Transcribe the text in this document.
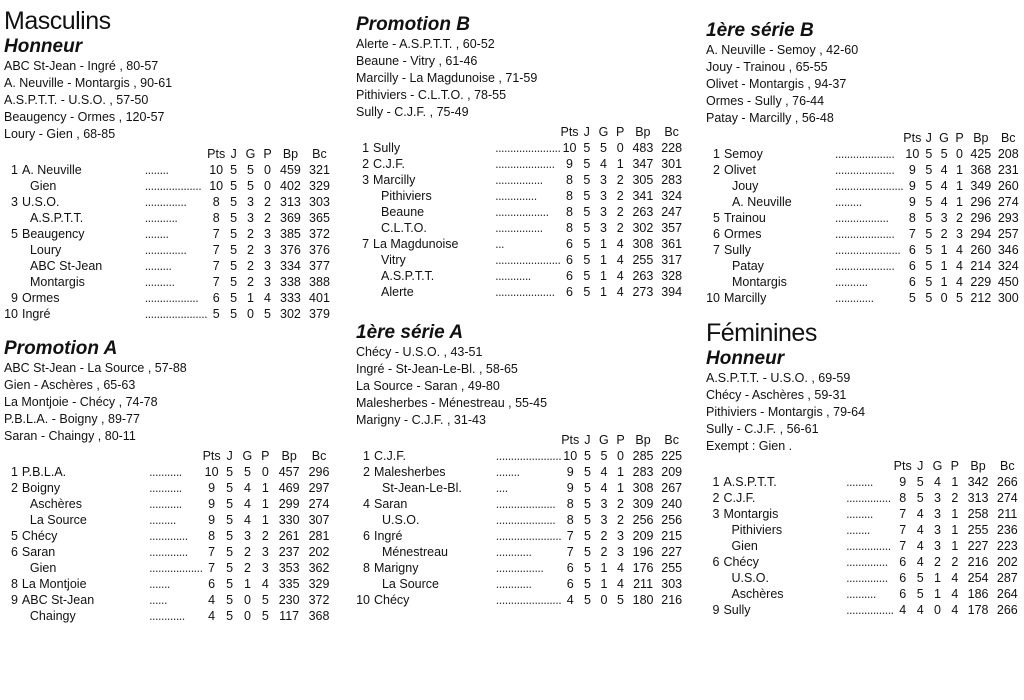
Masculins
Honneur
ABC St-Jean - Ingré , 80-57
A. Neuville - Montargis , 90-61
A.S.P.T.T. - U.S.O. , 57-50
Beaugency - Ormes , 120-57
Loury - Gien , 68-85
			Pts	J	G	P	Bp	Bc
1	A. Neuville	........	10	5	5	0	459	321
	Gien	...................	10	5	5	0	402	329
3	U.S.O.	..............	8	5	3	2	313	303
	A.S.P.T.T.	...........	8	5	3	2	369	365
5	Beaugency	........	7	5	2	3	385	372
	Loury	..............	7	5	2	3	376	376
	ABC St-Jean	.........	7	5	2	3	334	377
	Montargis	..........	7	5	2	3	338	388
9	Ormes	..................	6	5	1	4	333	401
10	Ingré	.....................	5	5	0	5	302	379
Promotion A
ABC St-Jean - La Source , 57-88
Gien - Aschères , 65-63
La Montjoie - Chécy , 74-78
P.B.L.A. - Boigny , 89-77
Saran - Chaingy , 80-11
			Pts	J	G	P	Bp	Bc
1	P.B.L.A.	...........	10	5	5	0	457	296
2	Boigny	...........	9	5	4	1	469	297
	Aschères	...........	9	5	4	1	299	274
	La Source	.........	9	5	4	1	330	307
5	Chécy	.............	8	5	3	2	261	281
6	Saran	.............	7	5	2	3	237	202
	Gien	..................	7	5	2	3	353	362
8	La Montjoie	.......	6	5	1	4	335	329
9	ABC St-Jean	......	4	5	0	5	230	372
	Chaingy	............	4	5	0	5	117	368
Promotion B
Alerte - A.S.P.T.T. , 60-52
Beaune - Vitry , 61-46
Marcilly - La Magdunoise , 71-59
Pithiviers - C.L.T.O. , 78-55
Sully - C.J.F. , 75-49
			Pts	J	G	P	Bp	Bc
1	Sully	......................	10	5	5	0	483	228
2	C.J.F.	....................	9	5	4	1	347	301
3	Marcilly	................	8	5	3	2	305	283
	Pithiviers	..............	8	5	3	2	341	324
	Beaune	..................	8	5	3	2	263	247
	C.L.T.O.	................	8	5	3	2	302	357
7	La Magdunoise	...	6	5	1	4	308	361
	Vitry	......................	6	5	1	4	255	317
	A.S.P.T.T.	............	6	5	1	4	263	328
	Alerte	....................	6	5	1	4	273	394
1ère série A
Chécy - U.S.O. , 43-51
Ingré - St-Jean-Le-Bl. , 58-65
La Source - Saran , 49-80
Malesherbes - Ménestreau , 55-45
Marigny - C.J.F. , 31-43
			Pts	J	G	P	Bp	Bc
1	C.J.F.	......................	10	5	5	0	285	225
2	Malesherbes	........	9	5	4	1	283	209
	St-Jean-Le-Bl.	....	9	5	4	1	308	267
4	Saran	....................	8	5	3	2	309	240
	U.S.O.	....................	8	5	3	2	256	256
6	Ingré	......................	7	5	2	3	209	215
	Ménestreau	............	7	5	2	3	196	227
8	Marigny	................	6	5	1	4	176	255
	La Source	............	6	5	1	4	211	303
10	Chécy	......................	4	5	0	5	180	216
1ère série B
A. Neuville - Semoy , 42-60
Jouy - Trainou , 65-55
Olivet - Montargis , 94-37
Ormes - Sully , 76-44
Patay - Marcilly , 56-48
			Pts	J	G	P	Bp	Bc
1	Semoy	....................	10	5	5	0	425	208
2	Olivet	....................	9	5	4	1	368	231
	Jouy	.......................	9	5	4	1	349	260
	A. Neuville	.........	9	5	4	1	296	274
5	Trainou	..................	8	5	3	2	296	293
6	Ormes	....................	7	5	2	3	294	257
7	Sully	......................	6	5	1	4	260	346
	Patay	....................	6	5	1	4	214	324
	Montargis	...........	6	5	1	4	229	450
10	Marcilly	.............	5	5	0	5	212	300
Féminines
Honneur
A.S.P.T.T. - U.S.O. , 69-59
Chécy - Aschères , 59-31
Pithiviers - Montargis , 79-64
Sully - C.J.F. , 56-61
Exempt : Gien .
			Pts	J	G	P	Bp	Bc
1	A.S.P.T.T.	.........	9	5	4	1	342	266
2	C.J.F.	...............	8	5	3	2	313	274
3	Montargis	.........	7	4	3	1	258	211
	Pithiviers	........	7	4	3	1	255	236
	Gien	...............	7	4	3	1	227	223
6	Chécy	..............	6	4	2	2	216	202
	U.S.O.	..............	6	5	1	4	254	287
	Aschères	..........	6	5	1	4	186	264
9	Sully	................	4	4	0	4	178	266
